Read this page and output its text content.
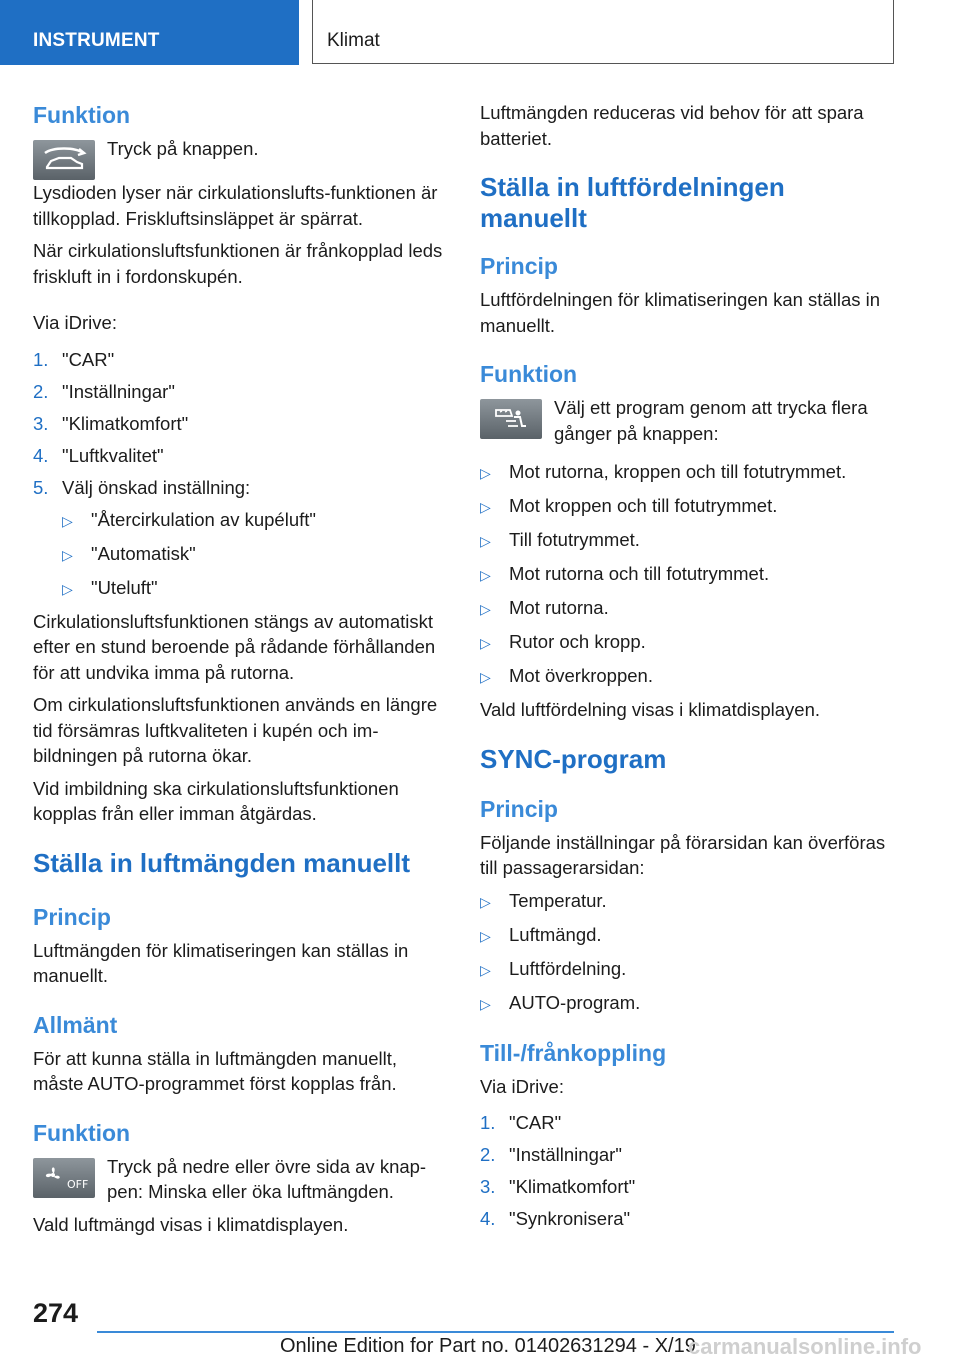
INSTRUMENT	Klimat
Funktion

Tryck på knappen.

Lysdioden lyser när cirkulationslufts-funktionen är tillkopplad. Friskluftsinsläppet är spärrat.

När cirkulationsluftsfunktionen är frånkopplad leds friskluft in i fordonskupén.

Via iDrive:

1. "CAR"
2. "Inställningar"
3. "Klimatkomfort"
4. "Luftkvalitet"
5. Välj önskad inställning:
▷ "Återcirkulation av kupéluft"
▷ "Automatisk"
▷ "Uteluft"

Cirkulationsluftsfunktionen stängs av automatiskt efter en stund beroende på rådande förhållanden för att undvika imma på rutorna.

Om cirkulationsluftsfunktionen används en längre tid försämras luftkvaliteten i kupén och im-bildningen på rutorna ökar.

Vid imbildning ska cirkulationsluftsfunktionen kopplas från eller imman åtgärdas.

Ställa in luftmängden manuellt
Princip

Luftmängden för klimatiseringen kan ställas in manuellt.

Allmänt

För att kunna ställa in luftmängden manuellt, måste AUTO-programmet först kopplas från.

Funktion
OFF

Tryck på nedre eller övre sida av knap-pen: Minska eller öka luftmängden.

Vald luftmängd visas i klimatdisplayen.

Luftmängden reduceras vid behov för att spara batteriet.

Ställa in luftfördelningen manuellt
Princip

Luftfördelningen för klimatiseringen kan ställas in manuellt.

Funktion

Välj ett program genom att trycka flera gånger på knappen:

▷ Mot rutorna, kroppen och till fotutrymmet.
▷ Mot kroppen och till fotutrymmet.
▷ Till fotutrymmet.
▷ Mot rutorna och till fotutrymmet.
▷ Mot rutorna.
▷ Rutor och kropp.
▷ Mot överkroppen.

Vald luftfördelning visas i klimatdisplayen.

SYNC-program
Princip

Följande inställningar på förarsidan kan överföras till passagerarsidan:

▷ Temperatur.
▷ Luftmängd.
▷ Luftfördelning.
▷ AUTO-program.
Till-/frånkoppling

Via iDrive:

1. "CAR"
2. "Inställningar"
3. "Klimatkomfort"
4. "Synkronisera"
274
Online Edition for Part no. 01402631294 - X/19
carmanualsonline.info
